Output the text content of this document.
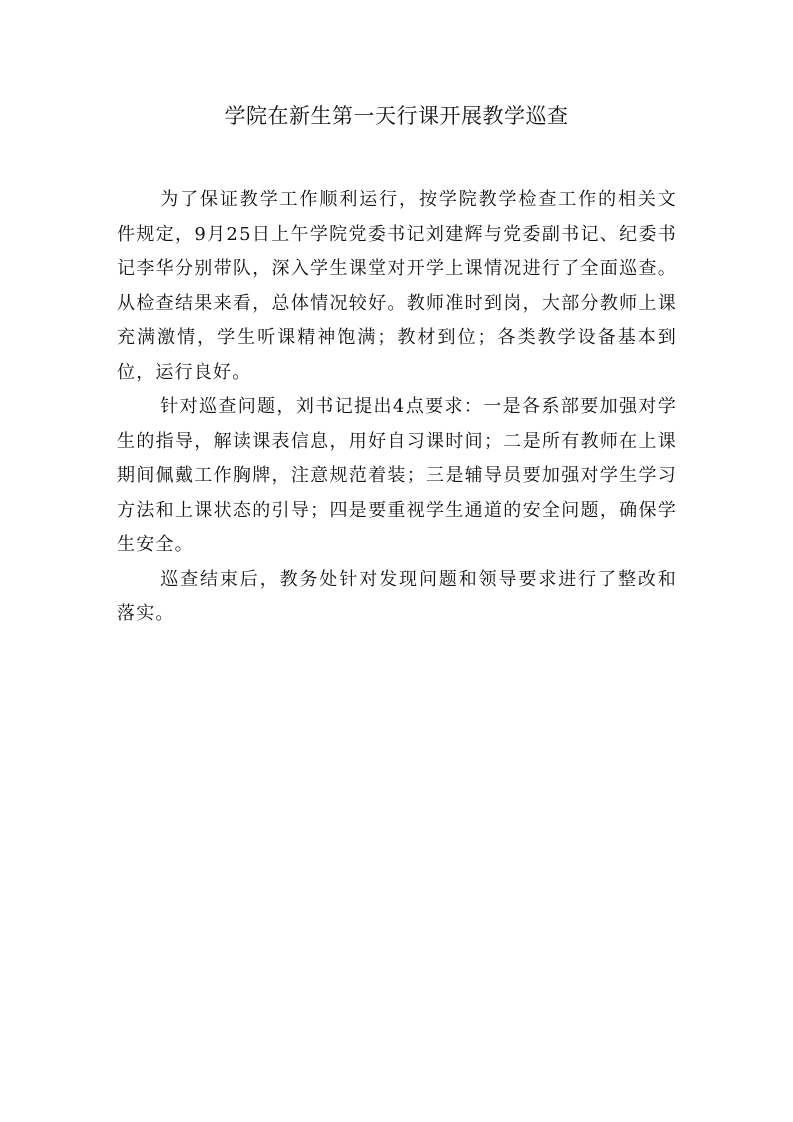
学院在新生第一天行课开展教学巡查

为了保证教学工作顺利运行，按学院教学检查工作的相关文件规定，9月25日上午学院党委书记刘建辉与党委副书记、纪委书记李华分别带队，深入学生课堂对开学上课情况进行了全面巡查。从检查结果来看，总体情况较好。教师准时到岗，大部分教师上课充满激情，学生听课精神饱满；教材到位；各类教学设备基本到位，运行良好。

针对巡查问题，刘书记提出4点要求：一是各系部要加强对学生的指导，解读课表信息，用好自习课时间；二是所有教师在上课期间佩戴工作胸牌，注意规范着装；三是辅导员要加强对学生学习方法和上课状态的引导；四是要重视学生通道的安全问题，确保学生安全。

巡查结束后，教务处针对发现问题和领导要求进行了整改和落实。
